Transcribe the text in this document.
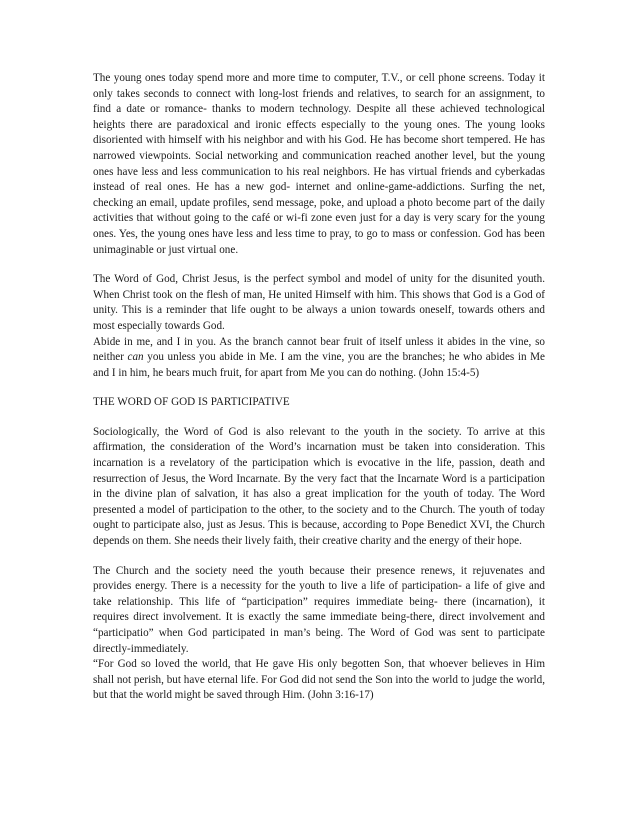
The young ones today spend more and more time to computer, T.V., or cell phone screens. Today it only takes seconds to connect with long-lost friends and relatives, to search for an assignment, to find a date or romance- thanks to modern technology. Despite all these achieved technological heights there are paradoxical and ironic effects especially to the young ones. The young looks disoriented with himself with his neighbor and with his God. He has become short tempered. He has narrowed viewpoints. Social networking and communication reached another level, but the young ones have less and less communication to his real neighbors. He has virtual friends and cyberkadas instead of real ones. He has a new god- internet and online-game-addictions. Surfing the net, checking an email, update profiles, send message, poke, and upload a photo become part of the daily activities that without going to the café or wi-fi zone even just for a day is very scary for the young ones. Yes, the young ones have less and less time to pray, to go to mass or confession. God has been unimaginable or just virtual one.

The Word of God, Christ Jesus, is the perfect symbol and model of unity for the disunited youth. When Christ took on the flesh of man, He united Himself with him. This shows that God is a God of unity. This is a reminder that life ought to be always a union towards oneself, towards others and most especially towards God.

Abide in me, and I in you. As the branch cannot bear fruit of itself unless it abides in the vine, so neither can you unless you abide in Me. I am the vine, you are the branches; he who abides in Me and I in him, he bears much fruit, for apart from Me you can do nothing. (John 15:4-5)

THE WORD OF GOD IS PARTICIPATIVE

Sociologically, the Word of God is also relevant to the youth in the society. To arrive at this affirmation, the consideration of the Word’s incarnation must be taken into consideration. This incarnation is a revelatory of the participation which is evocative in the life, passion, death and resurrection of Jesus, the Word Incarnate. By the very fact that the Incarnate Word is a participation in the divine plan of salvation, it has also a great implication for the youth of today. The Word presented a model of participation to the other, to the society and to the Church. The youth of today ought to participate also, just as Jesus. This is because, according to Pope Benedict XVI, the Church depends on them. She needs their lively faith, their creative charity and the energy of their hope.

The Church and the society need the youth because their presence renews, it rejuvenates and provides energy. There is a necessity for the youth to live a life of participation- a life of give and take relationship. This life of “participation” requires immediate being- there (incarnation), it requires direct involvement. It is exactly the same immediate being-there, direct involvement and “participatio” when God participated in man’s being. The Word of God was sent to participate directly-immediately.

“For God so loved the world, that He gave His only begotten Son, that whoever believes in Him shall not perish, but have eternal life. For God did not send the Son into the world to judge the world, but that the world might be saved through Him. (John 3:16-17)
